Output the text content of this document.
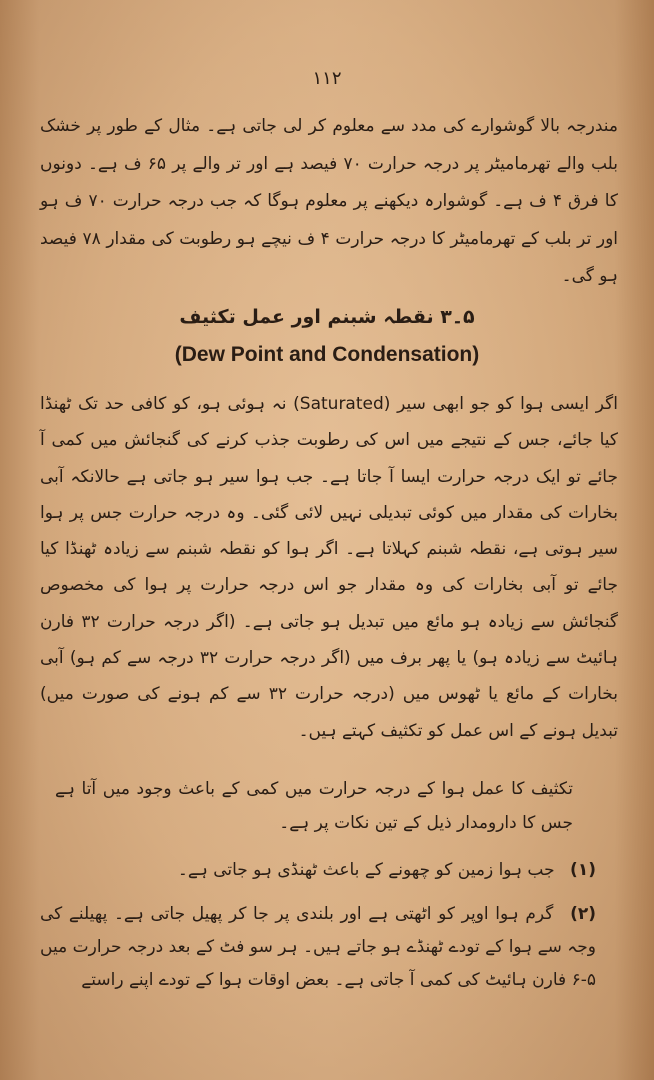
۱۱۲

مندرجہ بالا گوشوارے کی مدد سے معلوم کر لی جاتی ہے۔ مثال کے طور پر خشک بلب والے تھرمامیٹر پر درجہ حرارت ۷۰ فیصد ہے اور تر والے پر ۶۵ ف ہے۔ دونوں کا فرق ۴ ف ہے۔ گوشوارہ دیکھنے پر معلوم ہوگا کہ جب درجہ حرارت ۷۰ ف ہو اور تر بلب کے تھرمامیٹر کا درجہ حرارت ۴ ف نیچے ہو رطوبت کی مقدار ۷۸ فیصد ہو گی۔

۵۔۳ نقطہ شبنم اور عمل تکثیف
(Dew Point and Condensation)

اگر ایسی ہوا کو جو ابھی سیر (Saturated) نہ ہوئی ہو، کو کافی حد تک ٹھنڈا کیا جائے، جس کے نتیجے میں اس کی رطوبت جذب کرنے کی گنجائش میں کمی آ جائے تو ایک درجہ حرارت ایسا آ جاتا ہے۔ جب ہوا سیر ہو جاتی ہے حالانکہ آبی بخارات کی مقدار میں کوئی تبدیلی نہیں لائی گئی۔ وہ درجہ حرارت جس پر ہوا سیر ہوتی ہے، نقطہ شبنم کہلاتا ہے۔ اگر ہوا کو نقطہ شبنم سے زیادہ ٹھنڈا کیا جائے تو آبی بخارات کی وہ مقدار جو اس درجہ حرارت پر ہوا کی مخصوص گنجائش سے زیادہ ہو مائع میں تبدیل ہو جاتی ہے۔ (اگر درجہ حرارت ۳۲ فارن ہائیٹ سے زیادہ ہو) یا پھر برف میں (اگر درجہ حرارت ۳۲ درجہ سے کم ہو) آبی بخارات کے مائع یا ٹھوس میں (درجہ حرارت ۳۲ سے کم ہونے کی صورت میں) تبدیل ہونے کے اس عمل کو تکثیف کہتے ہیں۔

تکثیف کا عمل ہوا کے درجہ حرارت میں کمی کے باعث وجود میں آتا ہے جس کا دارومدار ذیل کے تین نکات پر ہے۔

(۱) جب ہوا زمین کو چھونے کے باعث ٹھنڈی ہو جاتی ہے۔

(۲) گرم ہوا اوپر کو اٹھتی ہے اور بلندی پر جا کر پھیل جاتی ہے۔ پھیلنے کی وجہ سے ہوا کے تودے ٹھنڈے ہو جاتے ہیں۔ ہر سو فٹ کے بعد درجہ حرارت میں ۵-۶ فارن ہائیٹ کی کمی آ جاتی ہے۔ بعض اوقات ہوا کے تودے اپنے راستے
